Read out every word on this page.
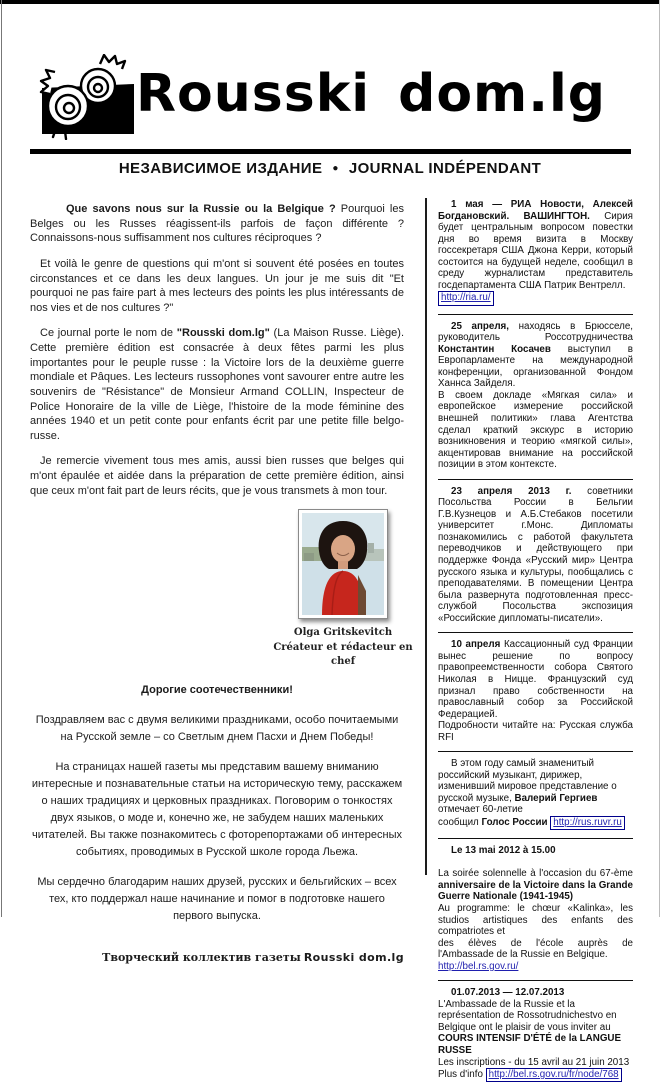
Rousski dom.lg
НЕЗАВИСИМОЕ ИЗДАНИЕ ● JOURNAL INDÉPENDANT

Que savons nous sur la Russie ou la Belgique ? Pourquoi les Belges ou les Russes réagissent-ils parfois de façon différente ? Connaissons-nous suffisamment nos cultures réciproques ?

Et voilà le genre de questions qui m'ont si souvent été posées en toutes circonstances et ce dans les deux langues. Un jour je me suis dit "Et pourquoi ne pas faire part à mes lecteurs des points les plus intéressants de nos vies et de nos cultures ?"

Ce journal porte le nom de "Rousski dom.lg" (La Maison Russe. Liège). Cette première édition est consacrée à deux fêtes parmi les plus importantes pour le peuple russe : la Victoire lors de la deuxième guerre mondiale et Pâques. Les lecteurs russophones vont savourer entre autre les souvenirs de "Résistance" de Monsieur Armand COLLIN, Inspecteur de Police Honoraire de la ville de Liège, l'histoire de la mode féminine des années 1940 et un petit conte pour enfants écrit par une petite fille belgo-russe.

Je remercie vivement tous mes amis, aussi bien russes que belges qui m'ont épaulée et aidée dans la préparation de cette première édition, ainsi que ceux m'ont fait part de leurs récits, que je vous transmets à mon tour.

Olga Gritskevitch
Créateur et rédacteur en chef

Дорогие соотечественники!

Поздравляем вас с двумя великими праздниками, особо почитаемыми на Русской земле – со Светлым днем Пасхи и Днем Победы!

На страницах нашей газеты мы представим вашему вниманию интересные и познавательные статьи на историческую тему, расскажем о наших традициях и церковных праздниках. Поговорим о тонкостях двух языков, о моде и, конечно же, не забудем наших маленьких читателей. Вы также познакомитесь с фоторепортажами об интересных событиях, проводимых в Русской школе города Льежа.

Мы сердечно благодарим наших друзей, русских и бельгийских – всех тех, кто поддержал наше начинание и помог в подготовке нашего первого выпуска.

Творческий коллектив газеты Rousski dom.lg
1 мая — РИА Новости, Алексей Богдановский. ВАШИНГТОН. Сирия будет центральным вопросом повестки дня во время визита в Москву госсекретаря США Джона Керри, который состоится на будущей неделе, сообщил в среду журналистам представитель госдепартамента США Патрик Вентрелл.
http://ria.ru/
25 апреля, находясь в Брюсселе, руководитель Россотрудничества Константин Косачев выступил в Европарламенте на международной конференции, организованной Фондом Ханнса Зайделя.
В своем докладе «Мягкая сила» и европейское измерение российской внешней политики» глава Агентства сделал краткий экскурс в историю возникновения и теорию «мягкой силы», акцентировав внимание на российской позиции в этом контексте.
23 апреля 2013 г. советники Посольства России в Бельгии Г.В.Кузнецов и А.Б.Стебаков посетили университет г.Монс. Дипломаты познакомились с работой факультета переводчиков и действующего при поддержке Фонда «Русский мир» Центра русского языка и культуры, пообщались с преподавателями. В помещении Центра была развернута подготовленная пресс-службой Посольства экспозиция «Российские дипломаты-писатели».
10 апреля Кассационный суд Франции вынес решение по вопросу правопреемственности собора Святого Николая в Ницце. Французский суд признал право собственности на православный собор за Российской Федерацией.
Подробности читайте на: Русская служба RFI
В этом году самый знаменитый российский музыкант, дирижер, изменивший мировое представление о русской музыке, Валерий Гергиев отмечает 60-летие
сообщил Голос России http://rus.ruvr.ru
Le 13 mai 2012 à 15.00

La soirée solennelle à l'occasion du 67-ème anniversaire de la Victoire dans la Grande Guerre Nationale (1941-1945)
Au programme: le chœur «Kalinka», les studios artistiques des enfants des compatriotes et
des élèves de l'école auprès de l'Ambassade de la Russie en Belgique.
http://bel.rs.gov.ru/
01.07.2013 — 12.07.2013
L'Ambassade de la Russie et la représentation de Rossotrudnichestvo en Belgique ont le plaisir de vous inviter au
COURS INTENSIF D'ÉTÉ de la LANGUE RUSSE
Les inscriptions - du 15 avril au 21 juin 2013
Plus d'info http://bel.rs.gov.ru/fr/node/768
